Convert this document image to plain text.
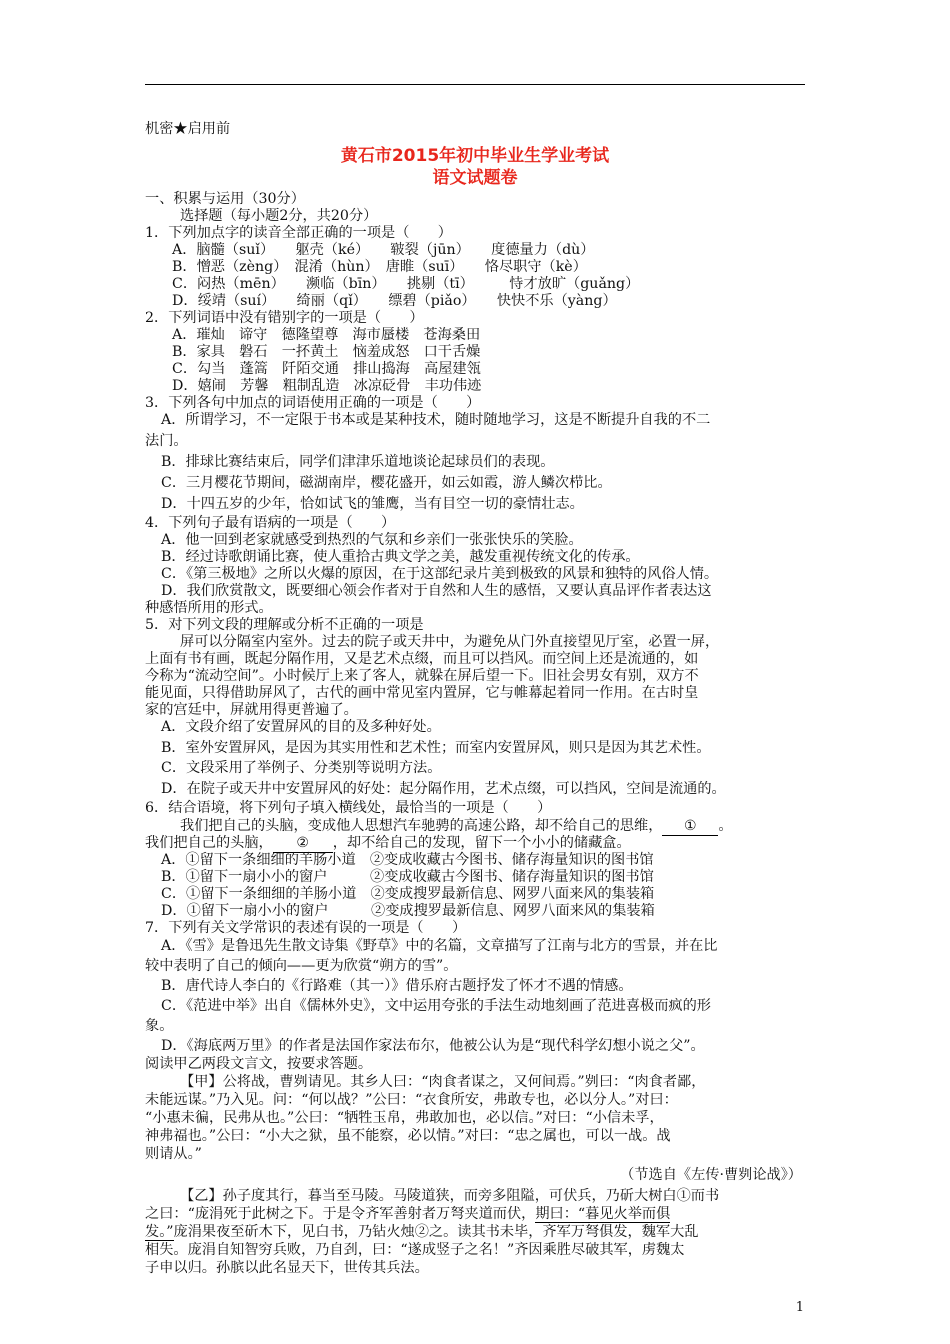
机密★启用前
黄石市2015年初中毕业生学业考试
语文试题卷
一、积累与运用（30分）
选择题（每小题2分，共20分）
1．下列加点字的读音全部正确的一项是（　　）
A．脑髓（suǐ）　　躯壳（ké）　　皲裂（jūn）　　度德量力（dù）
B．憎恶（zèng）　混淆（hùn）　唐睢（suī）　　恪尽职守（kè）
C．闷热（mēn）　　濒临（bīn）　　挑剔（tī）　　　恃才放旷（guǎng）
D．绥靖（suí）　　绮丽（qǐ）　　缥碧（piǎo）　　快快不乐（yàng）
2．下列词语中没有错别字的一项是（　　）
A．璀灿　谛守　德隆望尊　海市蜃楼　苍海桑田
B．家具　磐石　一抔黄土　恼羞成怒　口干舌燥
C．勾当　蓬篙　阡陌交通　排山捣海　高屋建瓴
D．嬉闹　芳馨　粗制乱造　冰凉砭骨　丰功伟迹
3．下列各句中加点的词语使用正确的一项是（　　）
A．所谓学习，不一定限于书本或是某种技术，随时随地学习，这是不断提升自我的不二
法门。
B．排球比赛结束后，同学们津津乐道地谈论起球员们的表现。
C．三月樱花节期间，磁湖南岸，樱花盛开，如云如霞，游人鳞次栉比。
D．十四五岁的少年，恰如试飞的雏鹰，当有目空一切的豪情壮志。
4．下列句子最有语病的一项是（　　）
A．他一回到老家就感受到热烈的气氛和乡亲们一张张快乐的笑脸。
B．经过诗歌朗诵比赛，使人重拾古典文学之美，越发重视传统文化的传承。
C．《第三极地》之所以火爆的原因，在于这部纪录片美到极致的风景和独特的风俗人情。
D．我们欣赏散文，既要细心领会作者对于自然和人生的感悟，又要认真品评作者表达这
种感悟所用的形式。
5．对下列文段的理解或分析不正确的一项是
屏可以分隔室内室外。过去的院子或天井中，为避免从门外直接望见厅室，必置一屏，
上面有书有画，既起分隔作用，又是艺术点缀，而且可以挡风。而空间上还是流通的，如
今称为“流动空间”。小时候厅上来了客人，就躲在屏后望一下。旧社会男女有别，双方不
能见面，只得借助屏风了，古代的画中常见室内置屏，它与帷幕起着同一作用。在古时皇
家的宫廷中，屏就用得更普遍了。
A．文段介绍了安置屏风的目的及多种好处。
B．室外安置屏风，是因为其实用性和艺术性；而室内安置屏风，则只是因为其艺术性。
C．文段采用了举例子、分类别等说明方法。
D．在院子或天井中安置屏风的好处：起分隔作用，艺术点缀，可以挡风，空间是流通的。
6．结合语境，将下列句子填入横线处，最恰当的一项是（　　）
我们把自己的头脑，变成他人思想汽车驰骋的高速公路，却不给自己的思维， ① 。
我们把自己的头脑， ② ，却不给自己的发现，留下一个小小的储藏盒。
A．①留下一条细细的羊肠小道　②变成收藏古今图书、储存海量知识的图书馆
B．①留下一扇小小的窗户　　　②变成收藏古今图书、储存海量知识的图书馆
C．①留下一条细细的羊肠小道　②变成搜罗最新信息、网罗八面来风的集装箱
D．①留下一扇小小的窗户　　　②变成搜罗最新信息、网罗八面来风的集装箱
7．下列有关文学常识的表述有误的一项是（　　）
A．《雪》是鲁迅先生散文诗集《野草》中的名篇，文章描写了江南与北方的雪景，并在比
较中表明了自己的倾向——更为欣赏“朔方的雪”。
B．唐代诗人李白的《行路难（其一）》借乐府古题抒发了怀才不遇的情感。
C．《范进中举》出自《儒林外史》，文中运用夸张的手法生动地刻画了范进喜极而疯的形
象。
D．《海底两万里》的作者是法国作家法布尔，他被公认为是“现代科学幻想小说之父”。
阅读甲乙两段文言文，按要求答题。
【甲】公将战，曹刿请见。其乡人曰：“肉食者谋之，又何间焉。”刿曰：“肉食者鄙，
未能远谋。”乃入见。问：“何以战？”公曰：“衣食所安，弗敢专也，必以分人。”对曰：
“小惠未徧，民弗从也。”公曰：“牺牲玉帛，弗敢加也，必以信。”对曰：“小信未孚，
神弗福也。”公曰：“小大之狱，虽不能察，必以情。”对曰：“忠之属也，可以一战。战
则请从。”
（节选自《左传·曹刿论战》）
【乙】孙子度其行，暮当至马陵。马陵道狭，而旁多阻隘，可伏兵，乃斫大树白①而书
之曰：“庞涓死于此树之下。于是令齐军善射者万弩夹道而伏，期曰：“暮见火举而俱
发。”庞涓果夜至斫木下，见白书，乃钻火烛②之。读其书未毕，齐军万弩俱发，魏军大乱
相失。庞涓自知智穷兵败，乃自刭，曰：“遂成竖子之名！”齐因乘胜尽破其军，虏魏太
子申以归。孙膑以此名显天下，世传其兵法。
1
